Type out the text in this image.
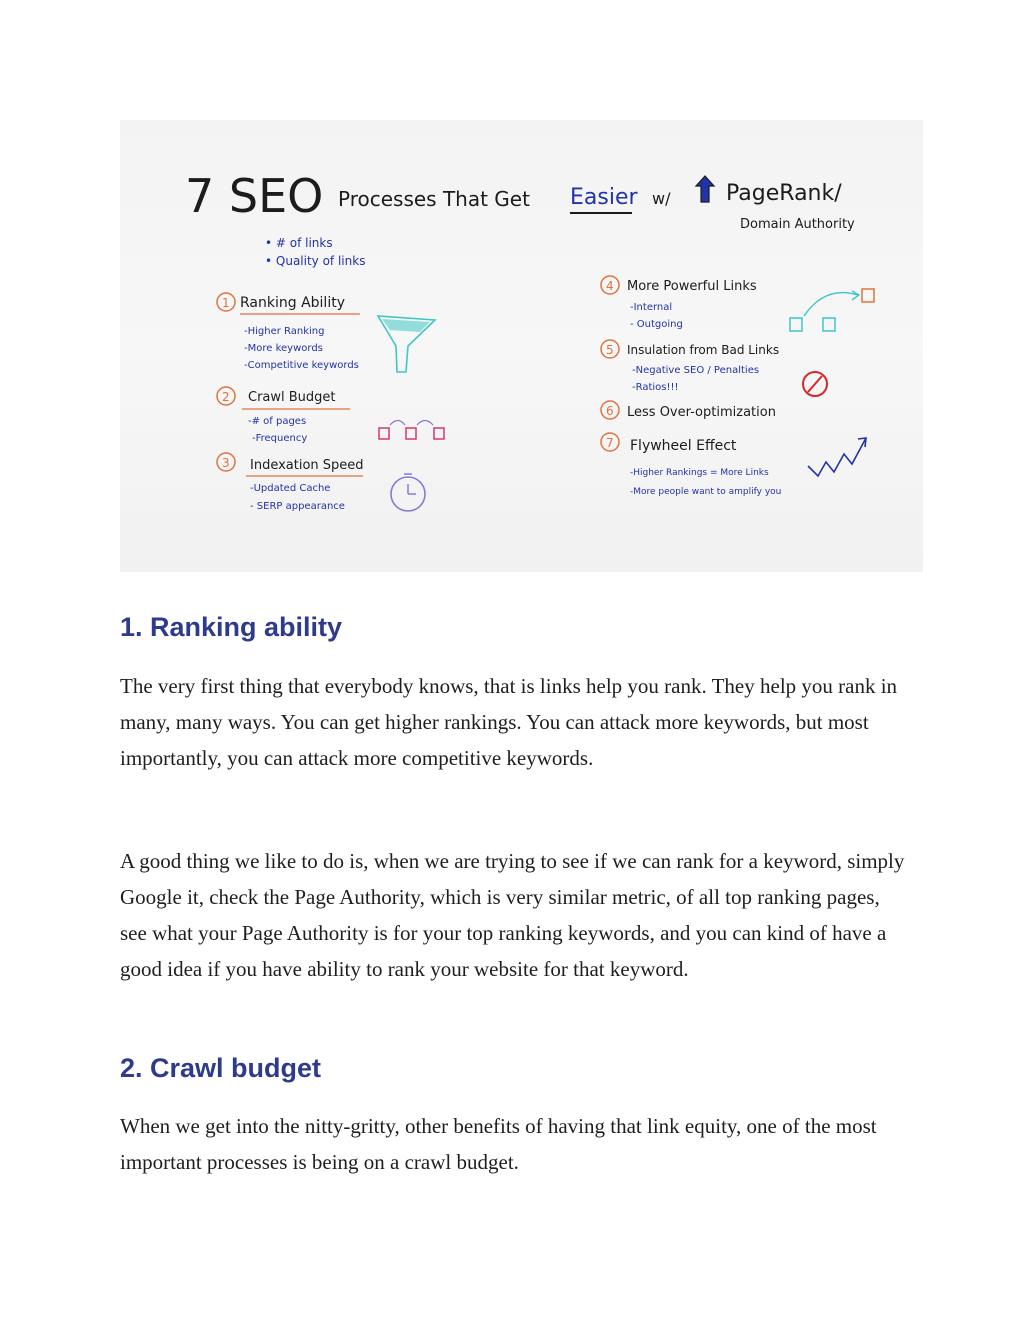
7 SEO Processes That Get Easier w/	PageRank/
Domain Authority
• # of links
• Quality of links
1 Ranking Ability
-Higher Ranking
-More keywords
-Competitive keywords
2 Crawl Budget
-# of pages
-Frequency
3 Indexation Speed
-Updated Cache
- SERP appearance
4 More Powerful Links
-Internal
- Outgoing
5 Insulation from Bad Links
-Negative SEO / Penalties
-Ratios!!!
6 Less Over-optimization
7 Flywheel Effect
-Higher Rankings = More Links
-More people want to amplify you
1. Ranking ability

The very first thing that everybody knows, that is links help you rank. They help you rank in many, many ways. You can get higher rankings. You can attack more keywords, but most importantly, you can attack more competitive keywords.

A good thing we like to do is, when we are trying to see if we can rank for a keyword, simply Google it, check the Page Authority, which is very similar metric, of all top ranking pages, see what your Page Authority is for your top ranking keywords, and you can kind of have a good idea if you have ability to rank your website for that keyword.

2. Crawl budget

When we get into the nitty-gritty, other benefits of having that link equity, one of the most important processes is being on a crawl budget.
